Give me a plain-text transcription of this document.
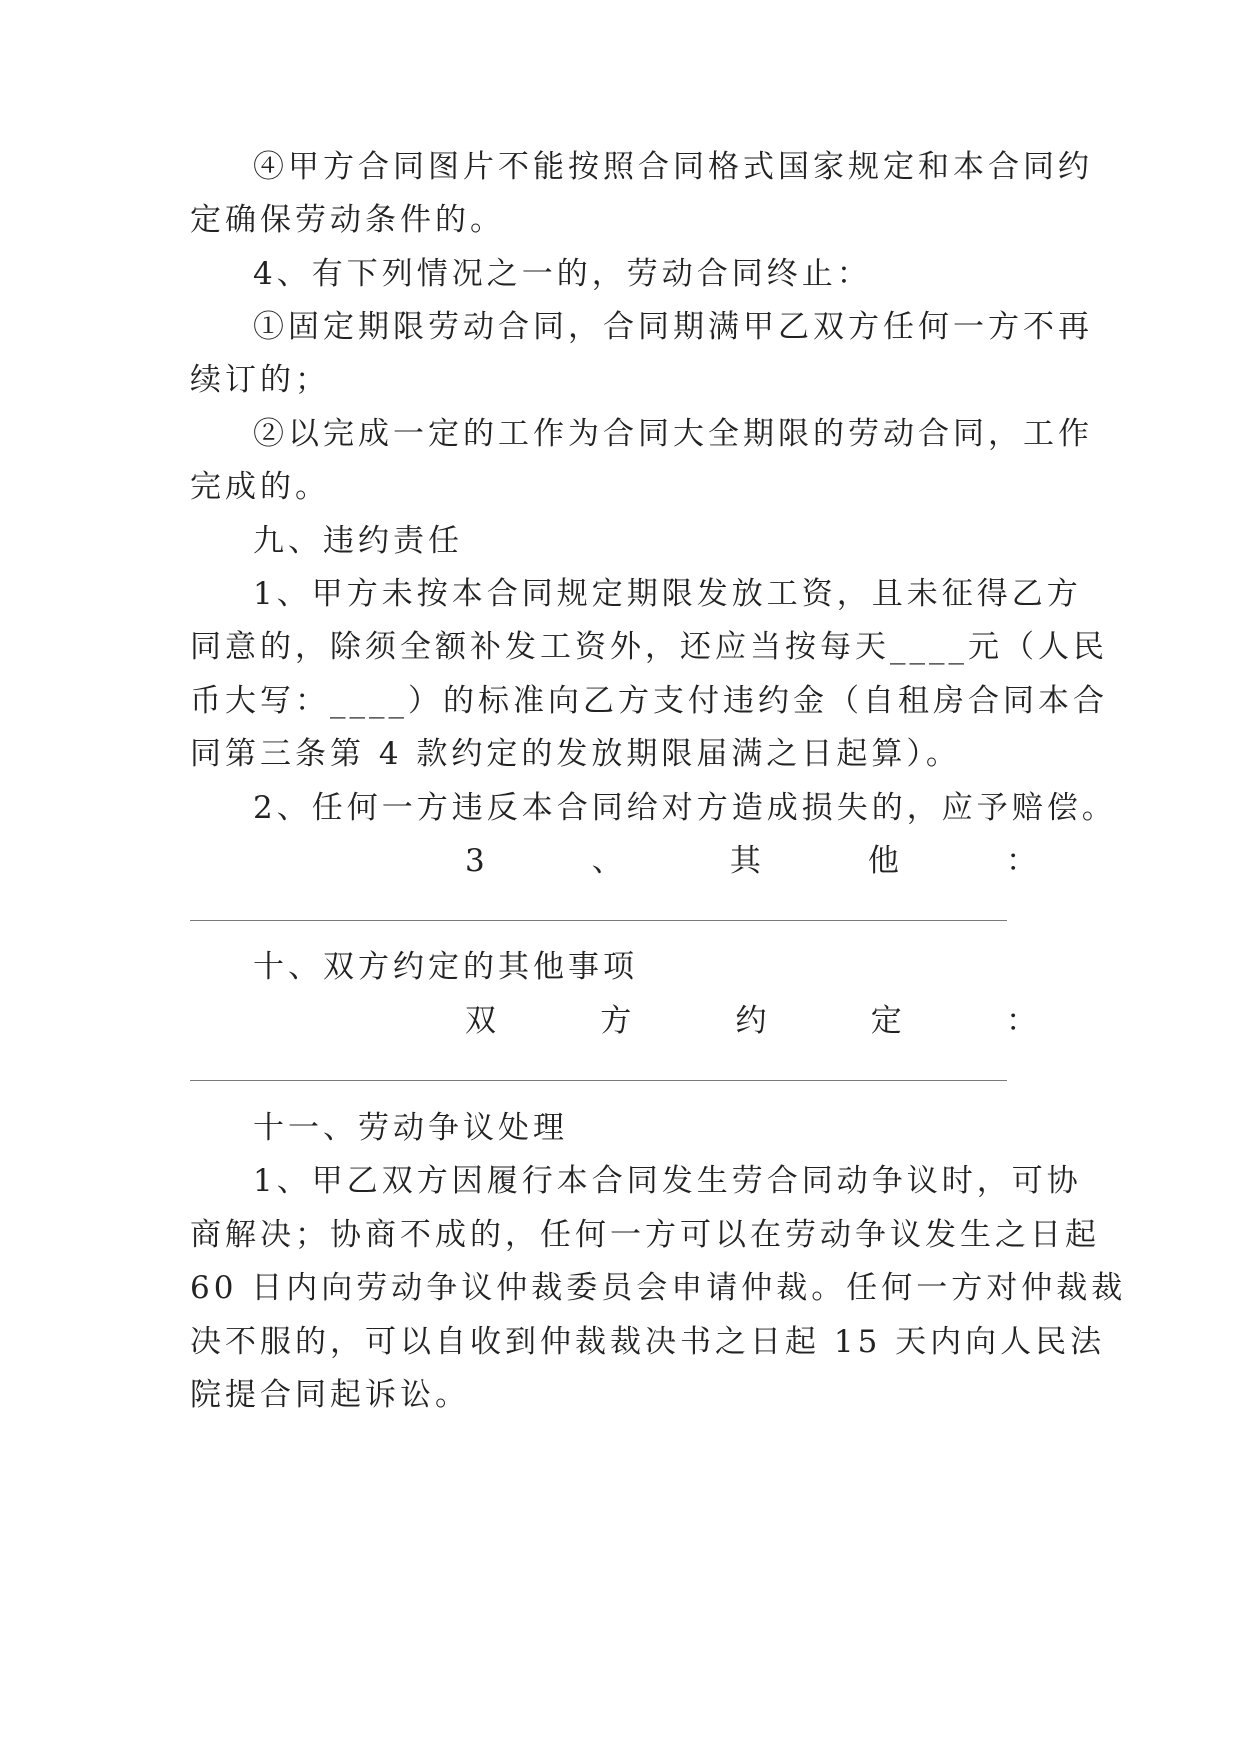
④甲方合同图片不能按照合同格式国家规定和本合同约
定确保劳动条件的。
4、有下列情况之一的，劳动合同终止：
①固定期限劳动合同，合同期满甲乙双方任何一方不再
续订的；
②以完成一定的工作为合同大全期限的劳动合同，工作
完成的。
九、违约责任
1、甲方未按本合同规定期限发放工资，且未征得乙方
同意的，除须全额补发工资外，还应当按每天____元（人民
币大写：____）的标准向乙方支付违约金（自租房合同本合
同第三条第 4 款约定的发放期限届满之日起算）。
2、任何一方违反本合同给对方造成损失的，应予赔偿。
3	、	其	他	：
十、双方约定的其他事项
双	方	约	定	：
十一、劳动争议处理
1、甲乙双方因履行本合同发生劳合同动争议时，可协
商解决；协商不成的，任何一方可以在劳动争议发生之日起
60 日内向劳动争议仲裁委员会申请仲裁。任何一方对仲裁裁
决不服的，可以自收到仲裁裁决书之日起 15 天内向人民法
院提合同起诉讼。
